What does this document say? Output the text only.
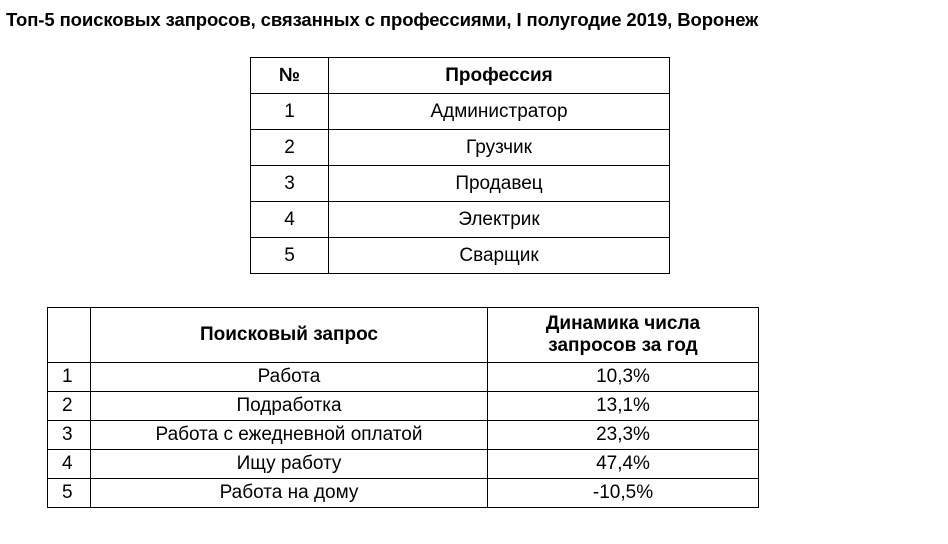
Топ-5 поисковых запросов, связанных с профессиями, I полугодие 2019, Воронеж
№	Профессия
1	Администратор
2	Грузчик
3	Продавец
4	Электрик
5	Сварщик
	Поисковый запрос	Динамика числа
запросов за год
1	Работа	10,3%
2	Подработка	13,1%
3	Работа с ежедневной оплатой	23,3%
4	Ищу работу	47,4%
5	Работа на дому	-10,5%
